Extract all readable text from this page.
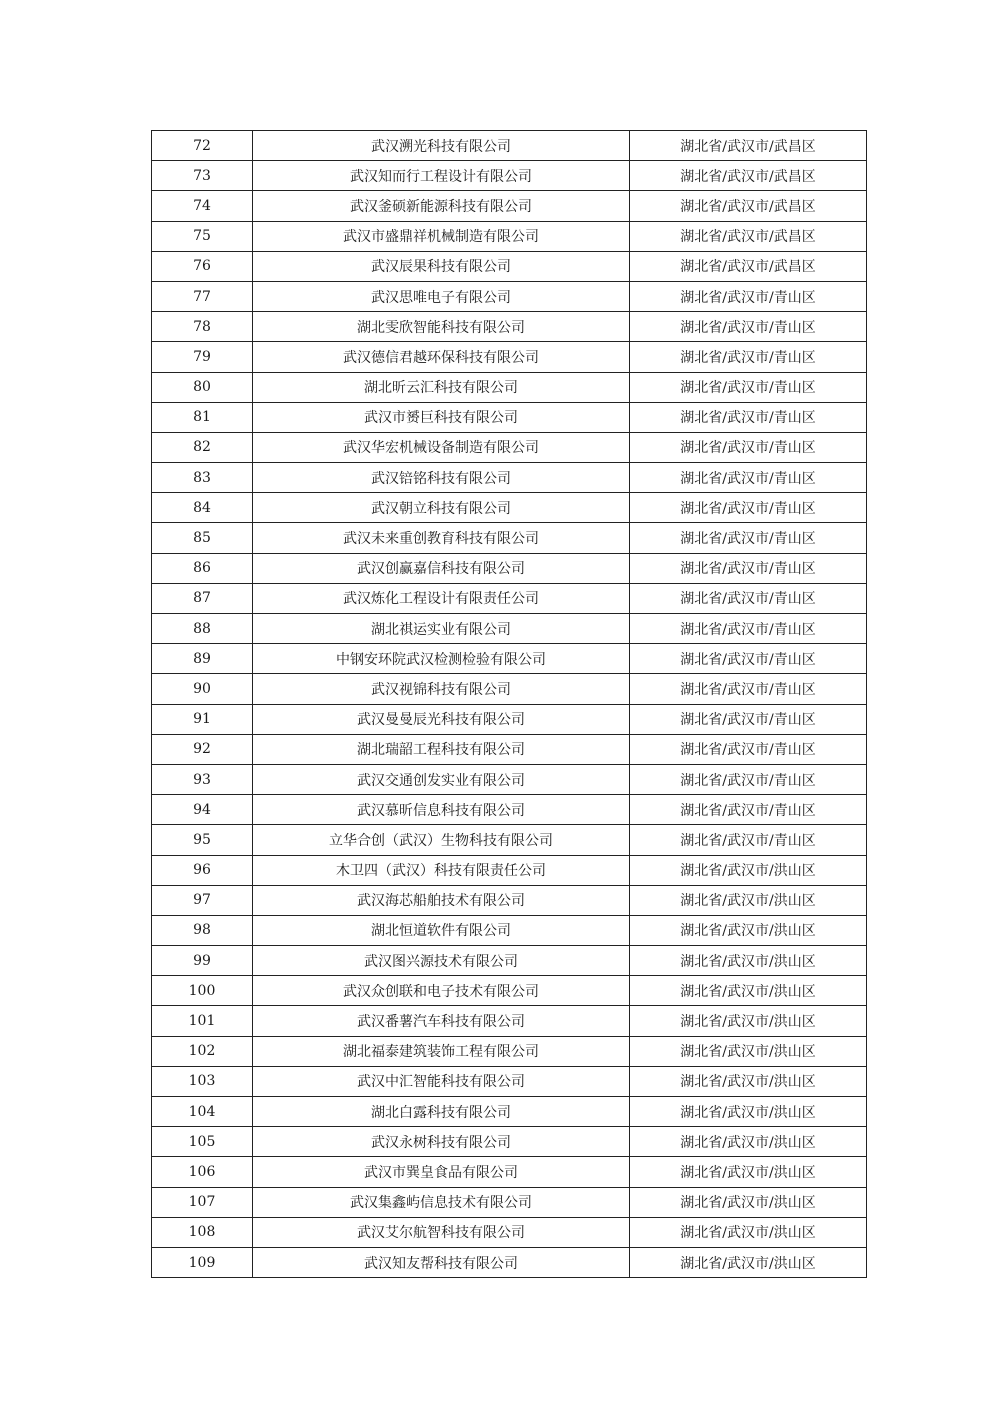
72	武汉溯光科技有限公司	湖北省/武汉市/武昌区
73	武汉知而行工程设计有限公司	湖北省/武汉市/武昌区
74	武汉釜硕新能源科技有限公司	湖北省/武汉市/武昌区
75	武汉市盛鼎祥机械制造有限公司	湖北省/武汉市/武昌区
76	武汉辰果科技有限公司	湖北省/武汉市/武昌区
77	武汉思唯电子有限公司	湖北省/武汉市/青山区
78	湖北雯欣智能科技有限公司	湖北省/武汉市/青山区
79	武汉德信君越环保科技有限公司	湖北省/武汉市/青山区
80	湖北昕云汇科技有限公司	湖北省/武汉市/青山区
81	武汉市赟巨科技有限公司	湖北省/武汉市/青山区
82	武汉华宏机械设备制造有限公司	湖北省/武汉市/青山区
83	武汉锫铭科技有限公司	湖北省/武汉市/青山区
84	武汉朝立科技有限公司	湖北省/武汉市/青山区
85	武汉未来重创教育科技有限公司	湖北省/武汉市/青山区
86	武汉创赢嘉信科技有限公司	湖北省/武汉市/青山区
87	武汉炼化工程设计有限责任公司	湖北省/武汉市/青山区
88	湖北祺运实业有限公司	湖北省/武汉市/青山区
89	中钢安环院武汉检测检验有限公司	湖北省/武汉市/青山区
90	武汉视锦科技有限公司	湖北省/武汉市/青山区
91	武汉曼曼辰光科技有限公司	湖北省/武汉市/青山区
92	湖北瑞韶工程科技有限公司	湖北省/武汉市/青山区
93	武汉交通创发实业有限公司	湖北省/武汉市/青山区
94	武汉慕昕信息科技有限公司	湖北省/武汉市/青山区
95	立华合创（武汉）生物科技有限公司	湖北省/武汉市/青山区
96	木卫四（武汉）科技有限责任公司	湖北省/武汉市/洪山区
97	武汉海芯船舶技术有限公司	湖北省/武汉市/洪山区
98	湖北恒道软件有限公司	湖北省/武汉市/洪山区
99	武汉图兴源技术有限公司	湖北省/武汉市/洪山区
100	武汉众创联和电子技术有限公司	湖北省/武汉市/洪山区
101	武汉番薯汽车科技有限公司	湖北省/武汉市/洪山区
102	湖北福泰建筑装饰工程有限公司	湖北省/武汉市/洪山区
103	武汉中汇智能科技有限公司	湖北省/武汉市/洪山区
104	湖北白露科技有限公司	湖北省/武汉市/洪山区
105	武汉永树科技有限公司	湖北省/武汉市/洪山区
106	武汉市巽皇食品有限公司	湖北省/武汉市/洪山区
107	武汉集鑫屿信息技术有限公司	湖北省/武汉市/洪山区
108	武汉艾尔航智科技有限公司	湖北省/武汉市/洪山区
109	武汉知友帮科技有限公司	湖北省/武汉市/洪山区
